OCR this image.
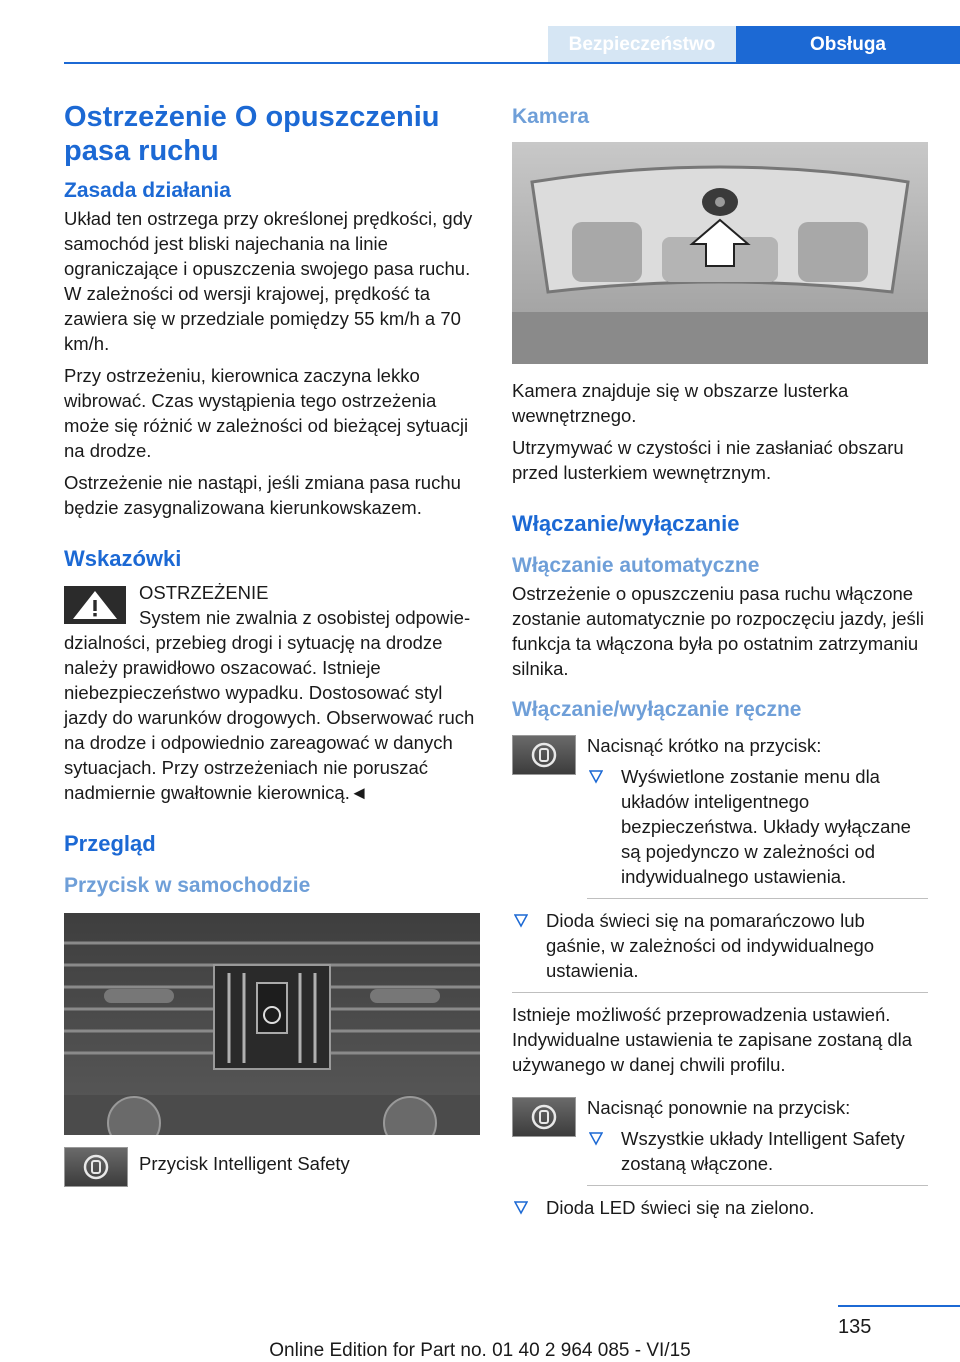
Bezpieczeństwo	Obsługa
Ostrzeżenie O opuszczeniu pasa ruchu
Zasada działania

Układ ten ostrzega przy określonej prędkości, gdy samochód jest bliski najechania na linie ograniczające i opuszczenia swojego pasa ruchu. W zależności od wersji krajowej, prędkość ta zawiera się w przedziale pomiędzy 55 km/h a 70 km/h.

Przy ostrzeżeniu, kierownica zaczyna lekko wibrować. Czas wystąpienia tego ostrzeżenia może się różnić w zależności od bieżącej sytuacji na drodze.

Ostrzeżenie nie nastąpi, jeśli zmiana pasa ruchu będzie zasygnalizowana kierunkowskazem.

Wskazówki
OSTRZEŻENIE
System nie zwalnia z osobistej odpowie-
dzialności, przebieg drogi i sytuację na drodze należy prawidłowo oszacować. Istnieje niebezpieczeństwo wypadku. Dostosować styl jazdy do warunków drogowych. Obserwować ruch na drodze i odpowiednio zareagować w danych sytuacjach. Przy ostrzeżeniach nie poruszać nadmiernie gwałtownie kierownicą.◄
Przegląd
Przycisk w samochodzie
Przycisk Intelligent Safety
Kamera

Kamera znajduje się w obszarze lusterka wewnętrznego.

Utrzymywać w czystości i nie zasłaniać obszaru przed lusterkiem wewnętrznym.

Włączanie/wyłączanie
Włączanie automatyczne

Ostrzeżenie o opuszczeniu pasa ruchu włączone zostanie automatycznie po rozpoczęciu jazdy, jeśli funkcja ta włączona była po ostatnim zatrzymaniu silnika.

Włączanie/wyłączanie ręczne
Nacisnąć krótko na przycisk:
Wyświetlone zostanie menu dla układów inteligentnego bezpieczeństwa. Układy wyłączane są pojedynczo w zależności od indywidualnego ustawienia.
Dioda świeci się na pomarańczowo lub gaśnie, w zależności od indywidualnego ustawienia.

Istnieje możliwość przeprowadzenia ustawień. Indywidualne ustawienia te zapisane zostaną dla używanego w danej chwili profilu.

Nacisnąć ponownie na przycisk:
Wszystkie układy Intelligent Safety zostaną włączone.
Dioda LED świeci się na zielono.
135
Online Edition for Part no. 01 40 2 964 085 - VI/15
